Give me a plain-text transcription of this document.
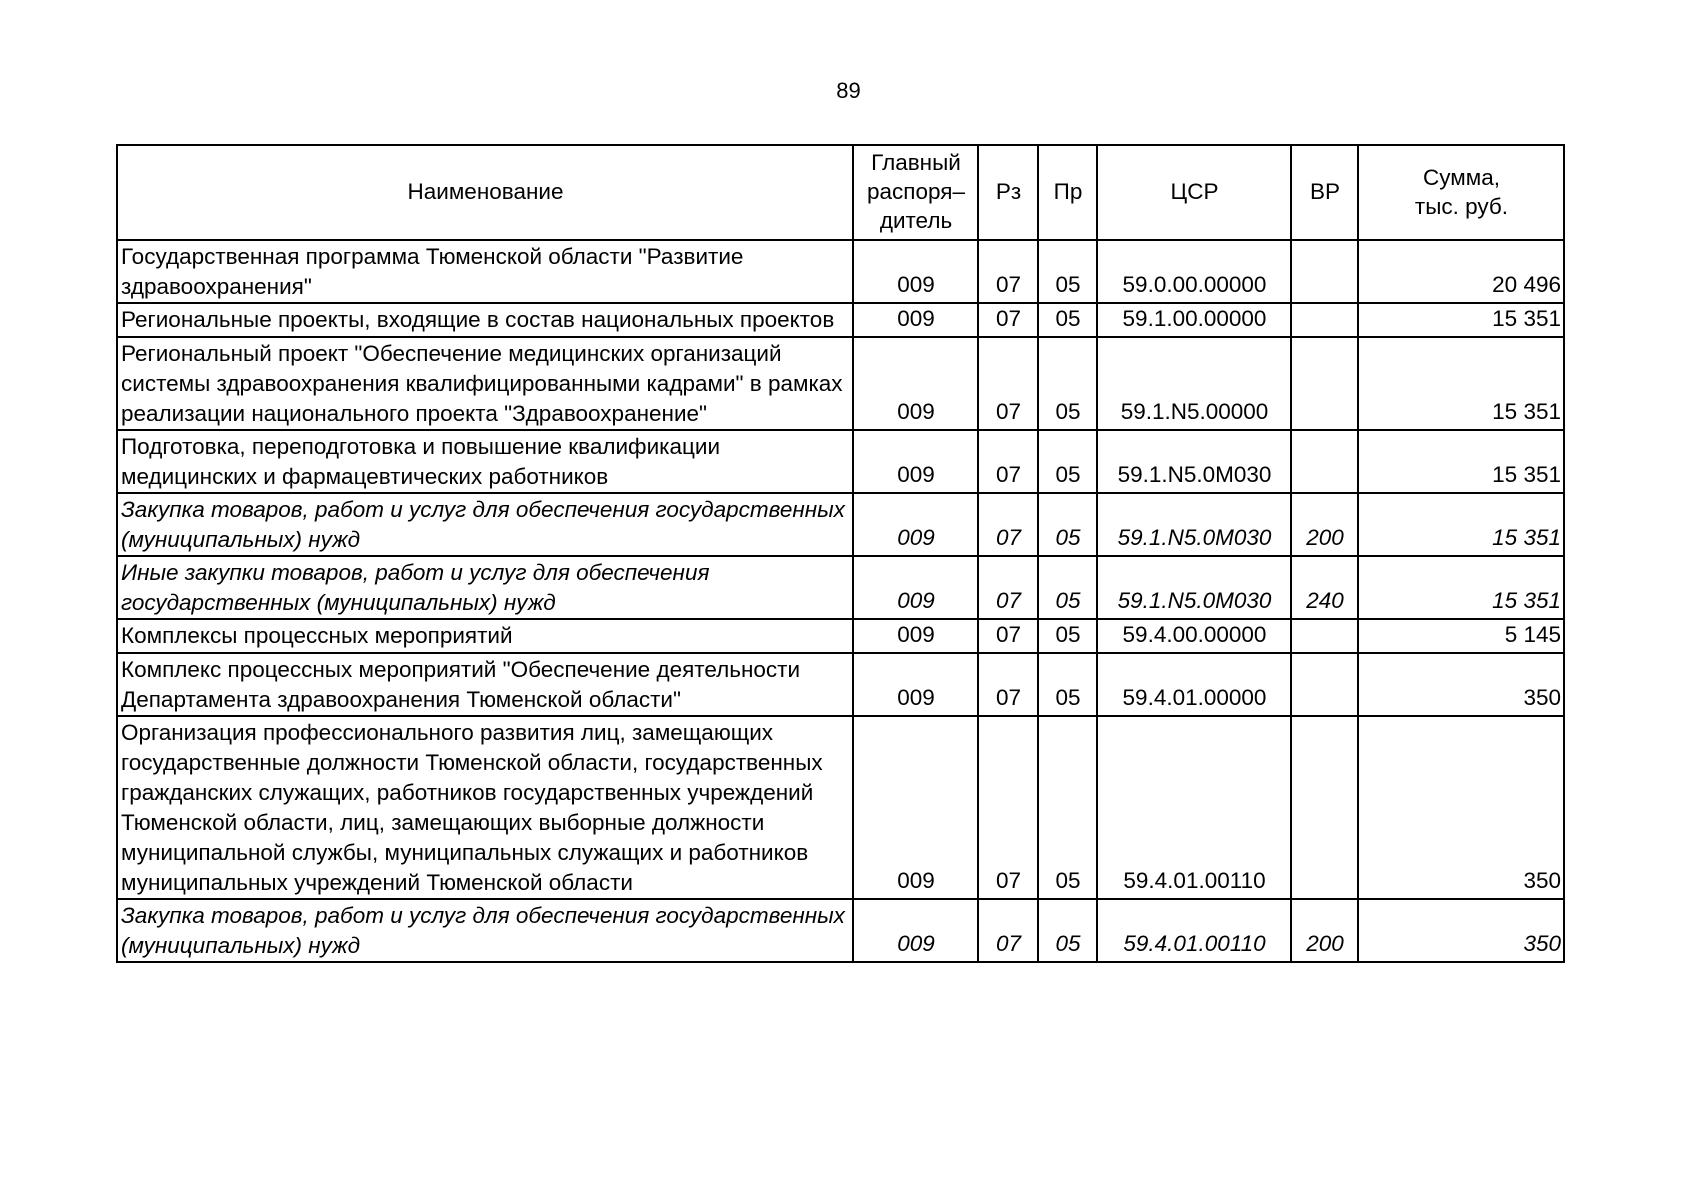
89
Наименование	Главный распоря–дитель	Рз	Пр	ЦСР	ВР	Сумма, тыс. руб.
Государственная программа Тюменской области "Развитие здравоохранения"	009	07	05	59.0.00.00000		20 496
Региональные проекты, входящие в состав национальных проектов	009	07	05	59.1.00.00000		15 351
Региональный проект "Обеспечение медицинских организаций системы здравоохранения квалифицированными кадрами" в рамках реализации национального проекта "Здравоохранение"	009	07	05	59.1.N5.00000		15 351
Подготовка, переподготовка и повышение квалификации медицинских и фармацевтических работников	009	07	05	59.1.N5.0М030		15 351
Закупка товаров, работ и услуг для обеспечения государственных (муниципальных) нужд	009	07	05	59.1.N5.0М030	200	15 351
Иные закупки товаров, работ и услуг для обеспечения государственных (муниципальных) нужд	009	07	05	59.1.N5.0М030	240	15 351
Комплексы процессных мероприятий	009	07	05	59.4.00.00000		5 145
Комплекс процессных мероприятий "Обеспечение деятельности Департамента здравоохранения Тюменской области"	009	07	05	59.4.01.00000		350
Организация профессионального развития лиц, замещающих государственные должности Тюменской области, государственных гражданских служащих, работников государственных учреждений Тюменской области, лиц, замещающих выборные должности муниципальной службы, муниципальных служащих и работников муниципальных учреждений Тюменской области	009	07	05	59.4.01.00110		350
Закупка товаров, работ и услуг для обеспечения государственных (муниципальных) нужд	009	07	05	59.4.01.00110	200	350
